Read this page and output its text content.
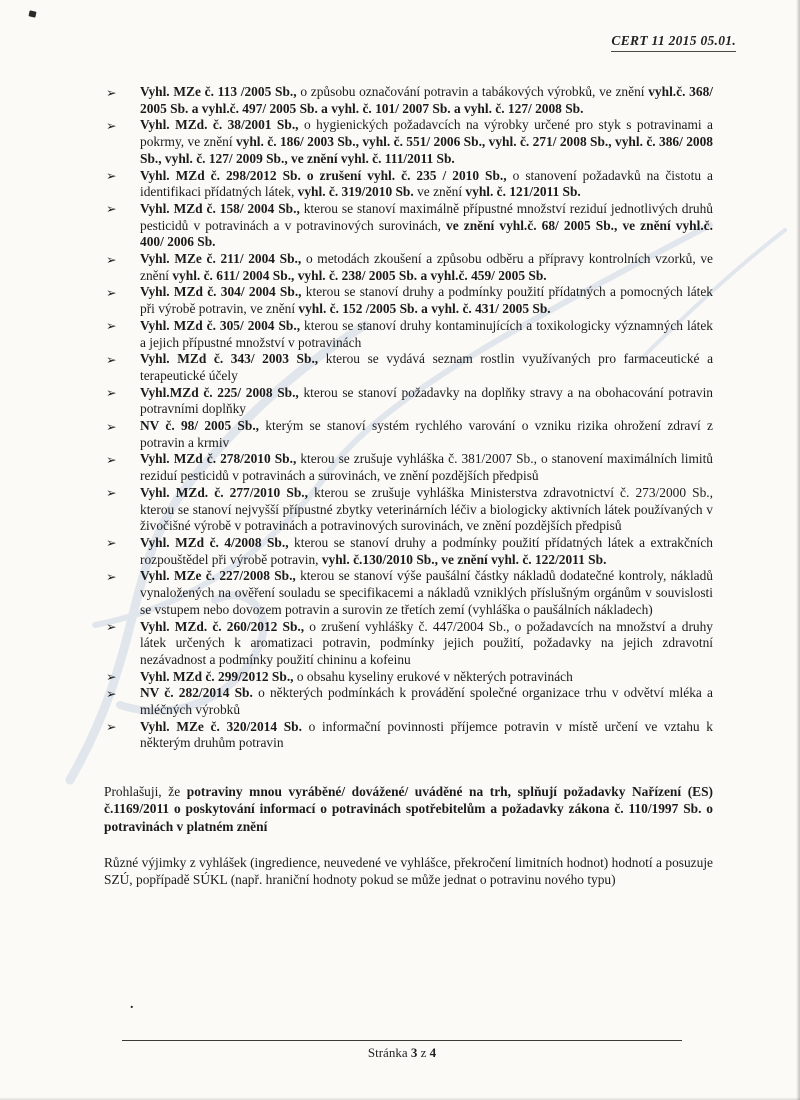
CERT 11 2015 05.01.
➢ Vyhl. MZe č. 113 /2005 Sb., o způsobu označování potravin a tabákových výrobků, ve znění vyhl.č. 368/ 2005 Sb. a vyhl.č. 497/ 2005 Sb. a vyhl. č. 101/ 2007 Sb. a vyhl. č. 127/ 2008 Sb.
➢ Vyhl. MZd. č. 38/2001 Sb., o hygienických požadavcích na výrobky určené pro styk s potravinami a pokrmy, ve znění vyhl. č. 186/ 2003 Sb., vyhl. č. 551/ 2006 Sb., vyhl. č. 271/ 2008 Sb., vyhl. č. 386/ 2008 Sb., vyhl. č. 127/ 2009 Sb., ve znění vyhl. č. 111/2011 Sb.
➢ Vyhl. MZd č. 298/2012 Sb. o zrušení vyhl. č. 235 / 2010 Sb., o stanovení požadavků na čistotu a identifikaci přídatných látek, vyhl. č. 319/2010 Sb. ve znění vyhl. č. 121/2011 Sb.
➢ Vyhl. MZd č. 158/ 2004 Sb., kterou se stanoví maximálně přípustné množství reziduí jednotlivých druhů pesticidů v potravinách a v potravinových surovinách, ve znění vyhl.č. 68/ 2005 Sb., ve znění vyhl.č. 400/ 2006 Sb.
➢ Vyhl. MZe č. 211/ 2004 Sb., o metodách zkoušení a způsobu odběru a přípravy kontrolních vzorků, ve znění vyhl. č. 611/ 2004 Sb., vyhl. č. 238/ 2005 Sb. a vyhl.č. 459/ 2005 Sb.
➢ Vyhl. MZd č. 304/ 2004 Sb., kterou se stanoví druhy a podmínky použití přídatných a pomocných látek při výrobě potravin, ve znění vyhl. č. 152 /2005 Sb. a vyhl. č. 431/ 2005 Sb.
➢ Vyhl. MZd č. 305/ 2004 Sb., kterou se stanoví druhy kontaminujících a toxikologicky významných látek a jejich přípustné množství v potravinách
➢ Vyhl. MZd č. 343/ 2003 Sb., kterou se vydává seznam rostlin využívaných pro farmaceutické a terapeutické účely
➢ Vyhl.MZd č. 225/ 2008 Sb., kterou se stanoví požadavky na doplňky stravy a na obohacování potravin potravními doplňky
➢ NV č. 98/ 2005 Sb., kterým se stanoví systém rychlého varování o vzniku rizika ohrožení zdraví z potravin a krmiv
➢ Vyhl. MZd č. 278/2010 Sb., kterou se zrušuje vyhláška č. 381/2007 Sb., o stanovení maximálních limitů reziduí pesticidů v potravinách a surovinách, ve znění pozdějších předpisů
➢ Vyhl. MZd. č. 277/2010 Sb., kterou se zrušuje vyhláška Ministerstva zdravotnictví č. 273/2000 Sb., kterou se stanoví nejvyšší přípustné zbytky veterinárních léčiv a biologicky aktivních látek používaných v živočišné výrobě v potravinách a potravinových surovinách, ve znění pozdějších předpisů
➢ Vyhl. MZd č. 4/2008 Sb., kterou se stanoví druhy a podmínky použití přídatných látek a extrakčních rozpouštědel při výrobě potravin, vyhl. č.130/2010 Sb., ve znění vyhl. č. 122/2011 Sb.
➢ Vyhl. MZe č. 227/2008 Sb., kterou se stanoví výše paušální částky nákladů dodatečné kontroly, nákladů vynaložených na ověření souladu se specifikacemi a nákladů vzniklých příslušným orgánům v souvislosti se vstupem nebo dovozem potravin a surovin ze třetích zemí (vyhláška o paušálních nákladech)
➢ Vyhl. MZd. č. 260/2012 Sb., o zrušení vyhlášky č. 447/2004 Sb., o požadavcích na množství a druhy látek určených k aromatizaci potravin, podmínky jejich použití, požadavky na jejich zdravotní nezávadnost a podmínky použití chininu a kofeinu
➢ Vyhl. MZd č. 299/2012 Sb., o obsahu kyseliny erukové v některých potravinách
➢ NV č. 282/2014 Sb. o některých podmínkách k provádění společné organizace trhu v odvětví mléka a mléčných výrobků
➢ Vyhl. MZe č. 320/2014 Sb. o informační povinnosti příjemce potravin v místě určení ve vztahu k některým druhům potravin

Prohlašuji, že potraviny mnou vyráběné/ dovážené/ uváděné na trh, splňují požadavky Nařízení (ES) č.1169/2011 o poskytování informací o potravinách spotřebitelům a požadavky zákona č. 110/1997 Sb. o potravinách v platném znění

Různé výjimky z vyhlášek (ingredience, neuvedené ve vyhlášce, překročení limitních hodnot) hodnotí a posuzuje SZÚ, popřípadě SÚKL (např. hraniční hodnoty pokud se může jednat o potravinu nového typu)

.
Stránka 3 z 4
